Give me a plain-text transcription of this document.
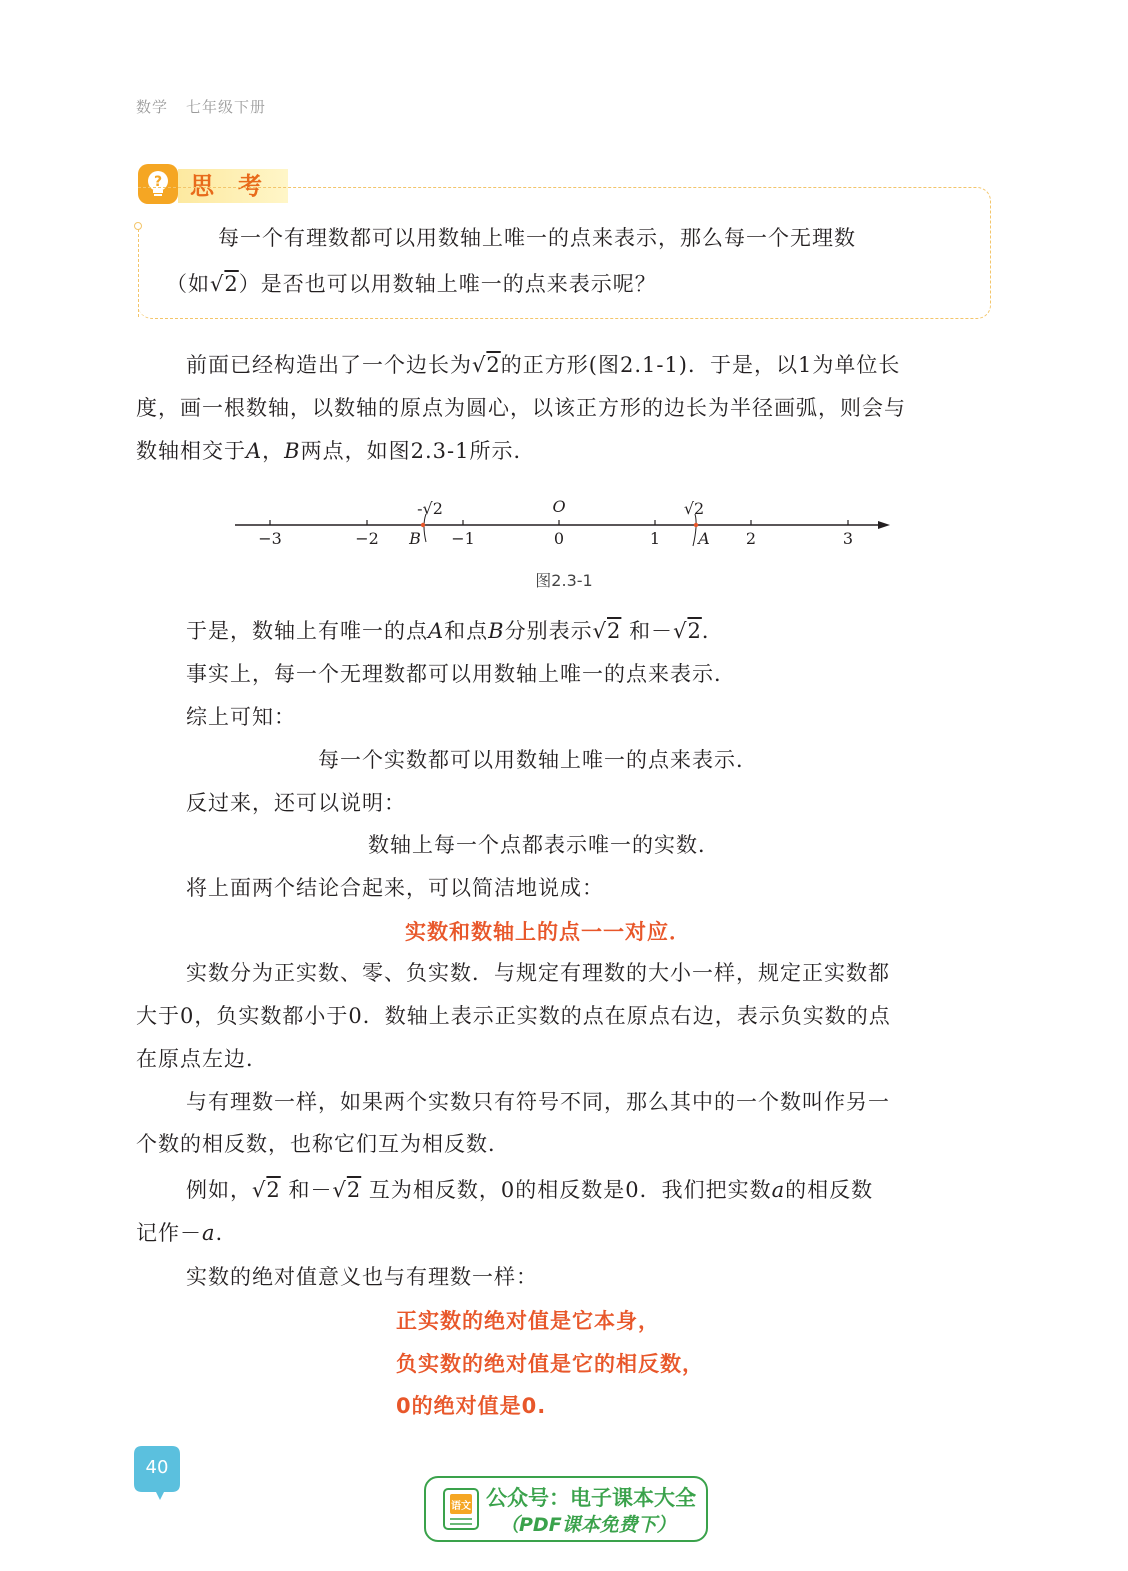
数学 七年级下册
? 思考
每一个有理数都可以用数轴上唯一的点来表示，那么每一个无理数
（如√2）是否也可以用数轴上唯一的点来表示呢？
前面已经构造出了一个边长为√2的正方形(图2.1-1)．于是，以1为单位长
度，画一根数轴，以数轴的原点为圆心，以该正方形的边长为半径画弧，则会与
数轴相交于A，B两点，如图2.3-1所示．
−3	−2	−1	0	1	2	3
O
-√2	√2
B	A
图2.3-1
于是，数轴上有唯一的点A和点B分别表示√2 和－√2．
事实上，每一个无理数都可以用数轴上唯一的点来表示．
综上可知：
每一个实数都可以用数轴上唯一的点来表示．
反过来，还可以说明：
数轴上每一个点都表示唯一的实数．
将上面两个结论合起来，可以简洁地说成：
实数和数轴上的点一一对应．
实数分为正实数、零、负实数．与规定有理数的大小一样，规定正实数都
大于0，负实数都小于0．数轴上表示正实数的点在原点右边，表示负实数的点
在原点左边．
与有理数一样，如果两个实数只有符号不同，那么其中的一个数叫作另一
个数的相反数，也称它们互为相反数．
例如，√2 和－√2 互为相反数，0的相反数是0．我们把实数a的相反数
记作－a.
实数的绝对值意义也与有理数一样：
正实数的绝对值是它本身，
负实数的绝对值是它的相反数，
0的绝对值是0.
40
语文 公众号：电子课本大全
（PDF课本免费下）
